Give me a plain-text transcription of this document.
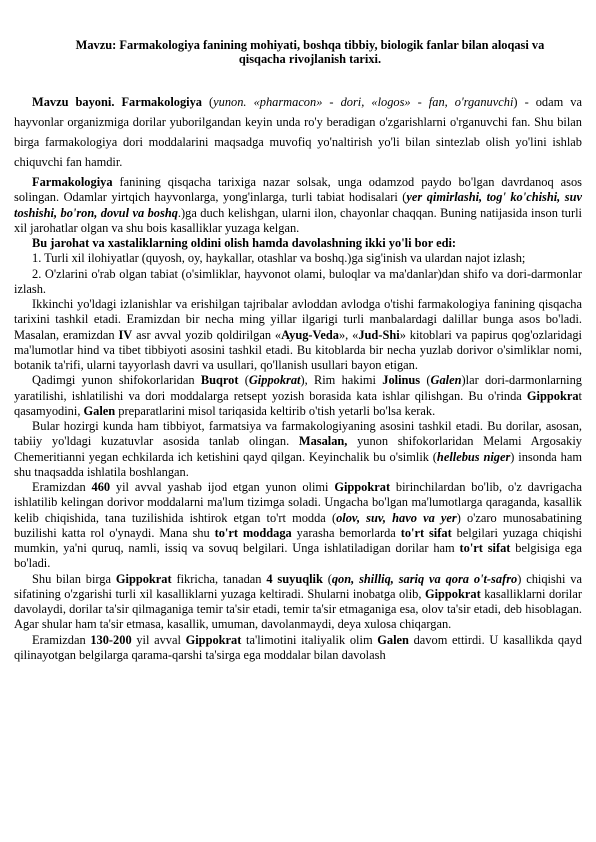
Mavzu: Farmakologiya fanining mohiyati, boshqa tibbiy, biologik fanlar bilan aloqasi va qisqacha rivojlanish tarixi.

Mavzu bayoni. Farmakologiya (yunon. «pharmacon» - dori, «logos» - fan, o'rganuvchi) - odam va hayvonlar organizmiga dorilar yuborilgandan keyin unda ro'y beradigan o'zgarishlarni o'rganuvchi fan. Shu bilan birga farmakologiya dori moddalarini maqsadga muvofiq yo'naltirish yo'li bilan sintezlab olish yo'lini ishlab chiquvchi fan hamdir.

Farmakologiya fanining qisqacha tarixiga nazar solsak, unga odamzod paydo bo'lgan davrdanoq asos solingan. Odamlar yirtqich hayvonlarga, yong'inlarga, turli tabiat hodisalari (yer qimirlashi, tog' ko'chishi, suv toshishi, bo'ron, dovul va boshq.)ga duch kelishgan, ularni ilon, chayonlar chaqqan. Buning natijasida inson turli xil jarohatlar olgan va shu bois kasalliklar yuzaga kelgan.

Bu jarohat va xastaliklarning oldini olish hamda davolashning ikki yo'li bor edi:

1. Turli xil ilohiyatlar (quyosh, oy, haykallar, otashlar va boshq.)ga sig'inish va ulardan najot izlash;

2. O'zlarini o'rab olgan tabiat (o'simliklar, hayvonot olami, buloqlar va ma'danlar)dan shifo va dori-darmonlar izlash.

Ikkinchi yo'ldagi izlanishlar va erishilgan tajribalar avloddan avlodga o'tishi farmakologiya fanining qisqacha tarixini tashkil etadi. Eramizdan bir necha ming yillar ilgarigi turli manbalardagi dalillar bunga asos bo'ladi. Masalan, eramizdan IV asr avval yozib qoldirilgan «Ayug-Veda», «Jud-Shi» kitoblari va papirus qog'ozlaridagi ma'lumotlar hind va tibet tibbiyoti asosini tashkil etadi. Bu kitoblarda bir necha yuzlab dorivor o'simliklar nomi, botanik ta'rifi, ularni tayyorlash davri va usullari, qo'llanish usullari bayon etigan.

Qadimgi yunon shifokorlaridan Buqrot (Gippokrat), Rim hakimi Jolinus (Galen)lar dori-darmonlarning yaratilishi, ishlatilishi va dori moddalarga retsept yozish borasida kata ishlar qilishgan. Bu o'rinda Gippokrat qasamyodini, Galen preparatlarini misol tariqasida keltirib o'tish yetarli bo'lsa kerak.

Bular hozirgi kunda ham tibbiyot, farmatsiya va farmakologiyaning asosini tashkil etadi. Bu dorilar, asosan, tabiiy yo'ldagi kuzatuvlar asosida tanlab olingan. Masalan, yunon shifokorlaridan Melami Argosakiy Chemeritianni yegan echkilarda ich ketishini qayd qilgan. Keyinchalik bu o'simlik (hellebus niger) insonda ham shu tnaqsadda ishlatila boshlangan.

Eramizdan 460 yil avval yashab ijod etgan yunon olimi Gippokrat birinchilardan bo'lib, o'z davrigacha ishlatilib kelingan dorivor moddalarni ma'lum tizimga soladi. Ungacha bo'lgan ma'lumotlarga qaraganda, kasallik kelib chiqishida, tana tuzilishida ishtirok etgan to'rt modda (olov, suv, havo va yer) o'zaro munosabatining buzilishi katta rol o'ynaydi. Mana shu to'rt moddaga yarasha bemorlarda to'rt sifat belgilari yuzaga chiqishi mumkin, ya'ni quruq, namli, issiq va sovuq belgilari. Unga ishlatiladigan dorilar ham to'rt sifat belgisiga ega bo'ladi.

Shu bilan birga Gippokrat fikricha, tanadan 4 suyuqlik (qon, shilliq, sariq va qora o't-safro) chiqishi va sifatining o'zgarishi turli xil kasalliklarni yuzaga keltiradi. Shularni inobatga olib, Gippokrat kasalliklarni dorilar davolaydi, dorilar ta'sir qilmaganiga temir ta'sir etadi, temir ta'sir etmaganiga esa, olov ta'sir etadi, deb hisoblagan. Agar shular ham ta'sir etmasa, kasallik, umuman, davolanmaydi, deya xulosa chiqargan.

Eramizdan 130-200 yil avval Gippokrat ta'limotini italiyalik olim Galen davom ettirdi. U kasallikda qayd qilinayotgan belgilarga qarama-qarshi ta'sirga ega moddalar bilan davolash
